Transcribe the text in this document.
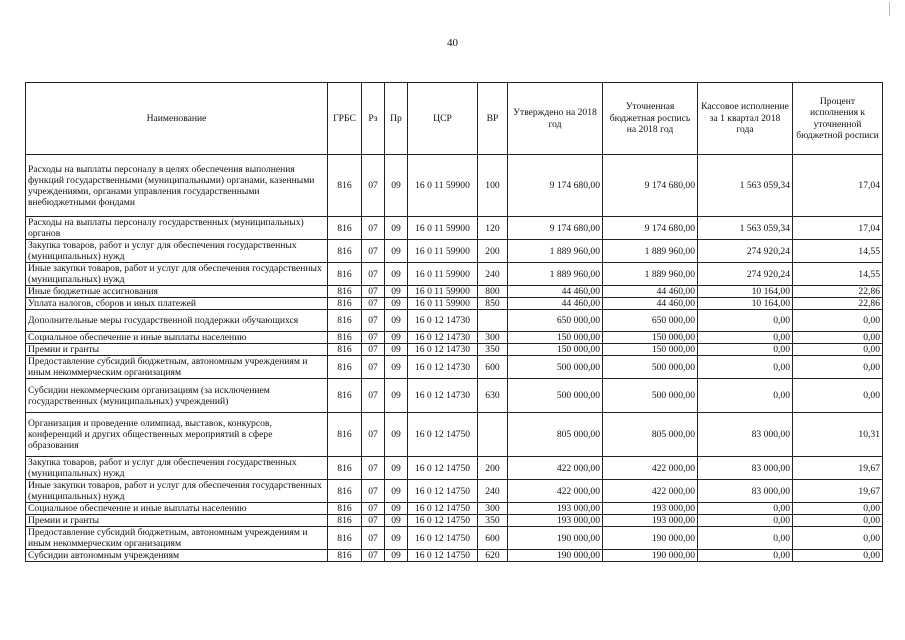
40
Наименование	ГРБС	Рз	Пр	ЦСР	ВР	Утверждено на 2018 год	Уточненная бюджетная роспись на 2018 год	Кассовое исполнение за 1 квартал 2018 года	Процент исполнения к уточненной бюджетной росписи
Расходы на выплаты персоналу в целях обеспечения выполнения функций государственными (муниципальными) органами, казенными учреждениями, органами управления государственными внебюджетными фондами	816	07	09	16 0 11 59900	100	9 174 680,00	9 174 680,00	1 563 059,34	17,04
Расходы на выплаты персоналу государственных (муниципальных) органов	816	07	09	16 0 11 59900	120	9 174 680,00	9 174 680,00	1 563 059,34	17,04
Закупка товаров, работ и услуг для обеспечения государственных (муниципальных) нужд	816	07	09	16 0 11 59900	200	1 889 960,00	1 889 960,00	274 920,24	14,55
Иные закупки товаров, работ и услуг для обеспечения государственных (муниципальных) нужд	816	07	09	16 0 11 59900	240	1 889 960,00	1 889 960,00	274 920,24	14,55
Иные бюджетные ассигнования	816	07	09	16 0 11 59900	800	44 460,00	44 460,00	10 164,00	22,86
Уплата налогов, сборов и иных платежей	816	07	09	16 0 11 59900	850	44 460,00	44 460,00	10 164,00	22,86
Дополнительные меры государственной поддержки обучающихся	816	07	09	16 0 12 14730		650 000,00	650 000,00	0,00	0,00
Социальное обеспечение и иные выплаты населению	816	07	09	16 0 12 14730	300	150 000,00	150 000,00	0,00	0,00
Премии и гранты	816	07	09	16 0 12 14730	350	150 000,00	150 000,00	0,00	0,00
Предоставление субсидий бюджетным, автономным учреждениям и иным некоммерческим организациям	816	07	09	16 0 12 14730	600	500 000,00	500 000,00	0,00	0,00
Субсидии некоммерческим организациям (за исключением государственных (муниципальных) учреждений)	816	07	09	16 0 12 14730	630	500 000,00	500 000,00	0,00	0,00
Организация и проведение олимпиад, выставок, конкурсов, конференций и других общественных мероприятий в сфере образования	816	07	09	16 0 12 14750		805 000,00	805 000,00	83 000,00	10,31
Закупка товаров, работ и услуг для обеспечения государственных (муниципальных) нужд	816	07	09	16 0 12 14750	200	422 000,00	422 000,00	83 000,00	19,67
Иные закупки товаров, работ и услуг для обеспечения государственных (муниципальных) нужд	816	07	09	16 0 12 14750	240	422 000,00	422 000,00	83 000,00	19,67
Социальное обеспечение и иные выплаты населению	816	07	09	16 0 12 14750	300	193 000,00	193 000,00	0,00	0,00
Премии и гранты	816	07	09	16 0 12 14750	350	193 000,00	193 000,00	0,00	0,00
Предоставление субсидий бюджетным, автономным учреждениям и иным некоммерческим организациям	816	07	09	16 0 12 14750	600	190 000,00	190 000,00	0,00	0,00
Субсидии автономным учреждениям	816	07	09	16 0 12 14750	620	190 000,00	190 000,00	0,00	0,00
